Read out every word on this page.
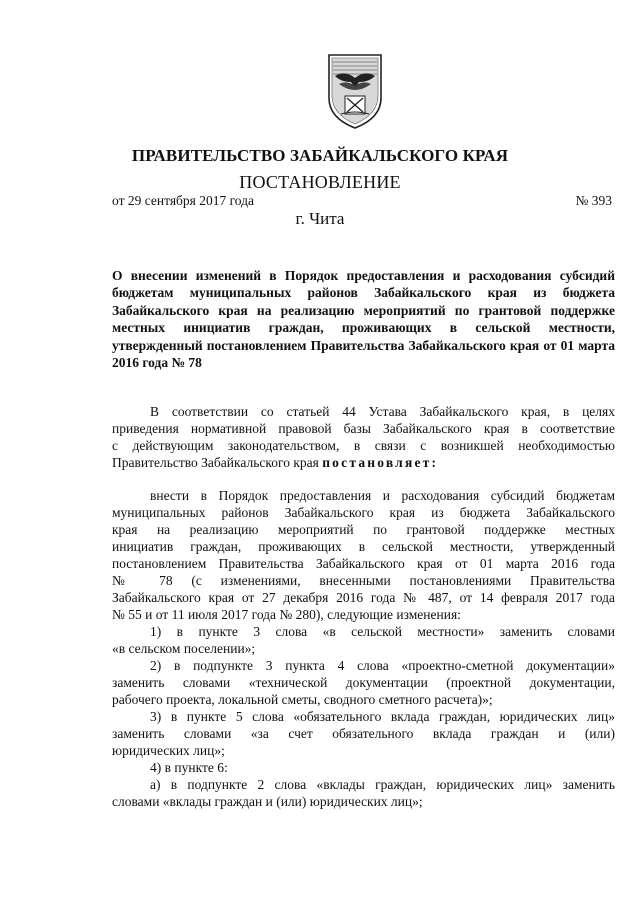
ПРАВИТЕЛЬСТВО ЗАБАЙКАЛЬСКОГО КРАЯ
ПОСТАНОВЛЕНИЕ
от 29 сентября 2017 года	№ 393
г. Чита
О внесении изменений в Порядок предоставления и расходования субсидий бюджетам муниципальных районов Забайкальского края из бюджета Забайкальского края на реализацию мероприятий по грантовой поддержке местных инициатив граждан, проживающих в сельской местности, утвержденный постановлением Правительства Забайкальского края от 01 марта 2016 года № 78
В соответствии со статьей 44 Устава Забайкальского края, в целях
приведения нормативной правовой базы Забайкальского края в соответствие
с действующим законодательством, в связи с возникшей необходимостью
Правительство Забайкальского края постановляет:
внести в Порядок предоставления и расходования субсидий бюджетам
муниципальных районов Забайкальского края из бюджета Забайкальского
края на реализацию мероприятий по грантовой поддержке местных
инициатив граждан, проживающих в сельской местности, утвержденный
постановлением Правительства Забайкальского края от 01 марта 2016 года
№ 78 (с изменениями, внесенными постановлениями Правительства
Забайкальского края от 27 декабря 2016 года № 487, от 14 февраля 2017 года
№ 55 и от 11 июля 2017 года № 280), следующие изменения:
1) в пункте 3 слова «в сельской местности» заменить словами
«в сельском поселении»;
2) в подпункте 3 пункта 4 слова «проектно-сметной документации»
заменить словами «технической документации (проектной документации,
рабочего проекта, локальной сметы, сводного сметного расчета)»;
3) в пункте 5 слова «обязательного вклада граждан, юридических лиц»
заменить словами «за счет обязательного вклада граждан и (или)
юридических лиц»;
4) в пункте 6:
а) в подпункте 2 слова «вклады граждан, юридических лиц» заменить
словами «вклады граждан и (или) юридических лиц»;
